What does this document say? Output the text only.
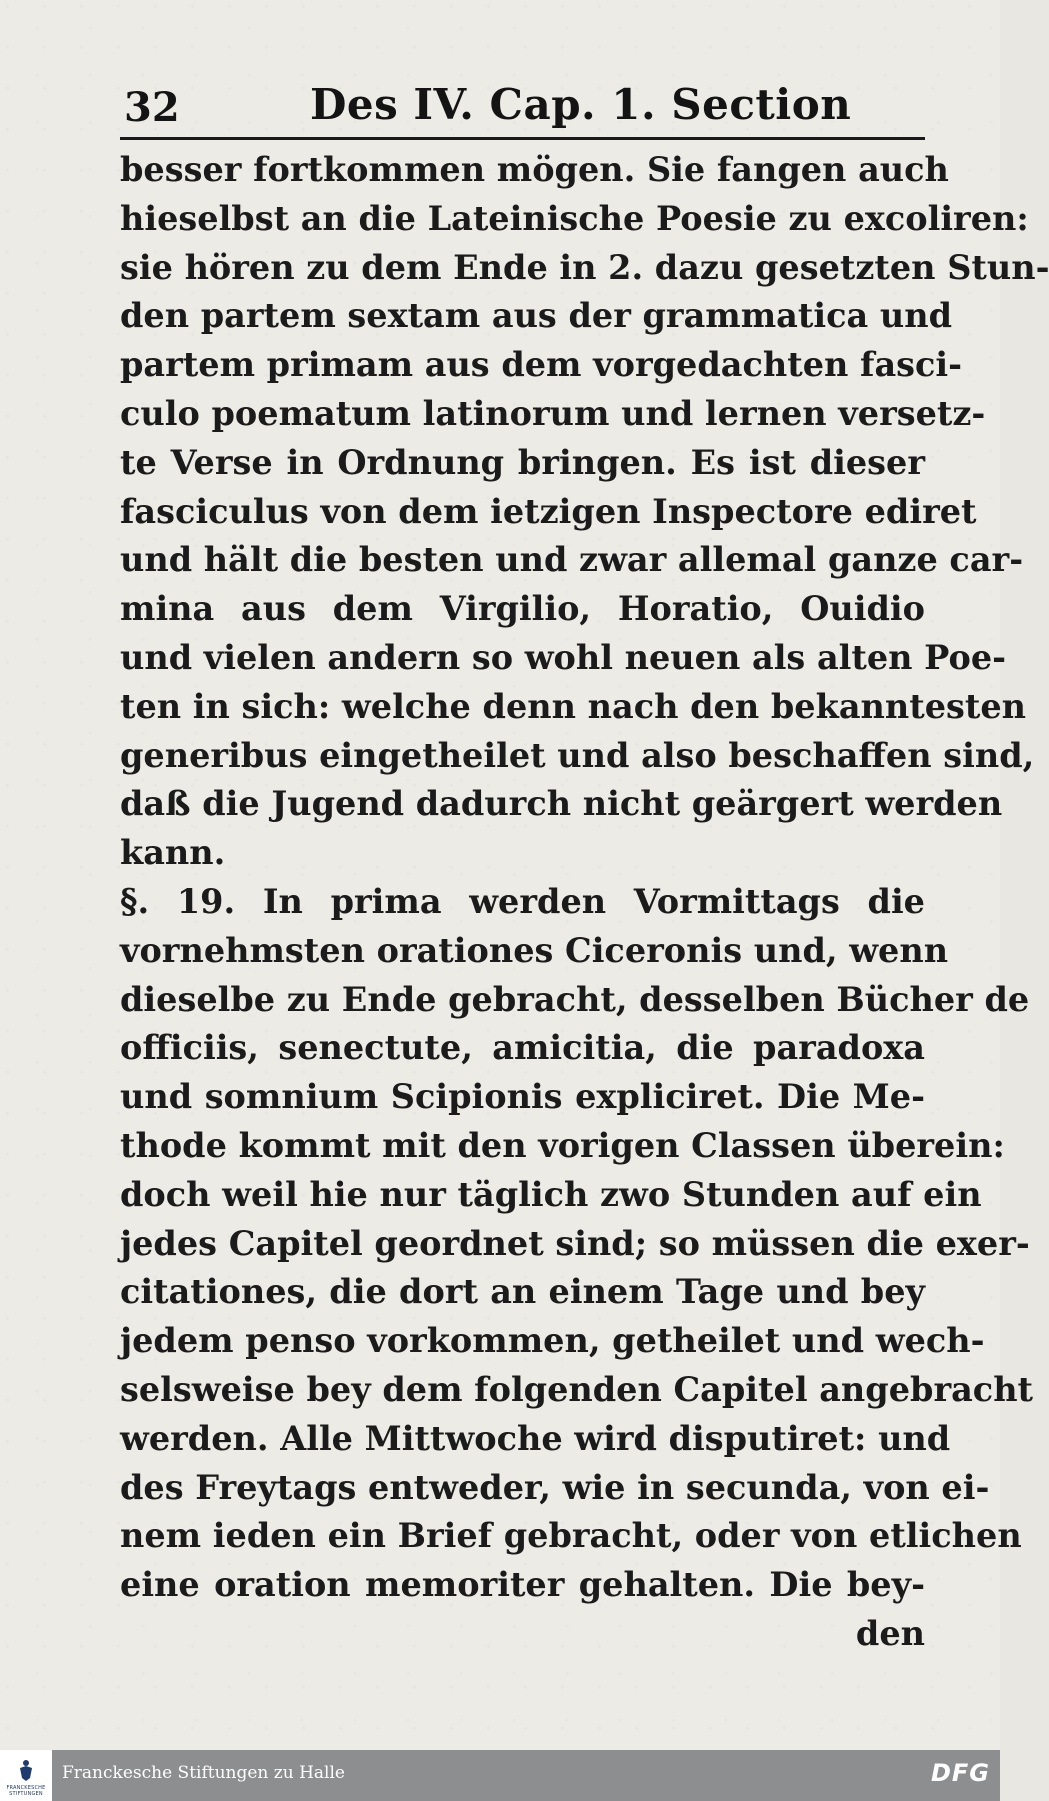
32	Des IV. Cap. 1. Section
besser fortkommen mögen. Sie fangen auch
hieselbst an die Lateinische Poesie zu excoliren:
sie hören zu dem Ende in 2. dazu gesetzten Stun-
den partem sextam aus der grammatica und
partem primam aus dem vorgedachten fasci-
culo poematum latinorum und lernen versetz-
te Verse in Ordnung bringen. Es ist dieser
fasciculus von dem ietzigen Inspectore ediret
und hält die besten und zwar allemal ganze car-
mina aus dem Virgilio, Horatio, Ouidio
und vielen andern so wohl neuen als alten Poe-
ten in sich: welche denn nach den bekanntesten
generibus eingetheilet und also beschaffen sind,
daß die Jugend dadurch nicht geärgert werden
kann.
§. 19. In prima werden Vormittags die
vornehmsten orationes Ciceronis und, wenn
dieselbe zu Ende gebracht, desselben Bücher de
officiis, senectute, amicitia, die paradoxa
und somnium Scipionis expliciret. Die Me-
thode kommt mit den vorigen Classen überein:
doch weil hie nur täglich zwo Stunden auf ein
jedes Capitel geordnet sind; so müssen die exer-
citationes, die dort an einem Tage und bey
jedem penso vorkommen, getheilet und wech-
selsweise bey dem folgenden Capitel angebracht
werden. Alle Mittwoche wird disputiret: und
des Freytags entweder, wie in secunda, von ei-
nem ieden ein Brief gebracht, oder von etlichen
eine oration memoriter gehalten. Die bey-
den
FRANCKESCHE
STIFTUNGEN
Franckesche Stiftungen zu Halle	DFG
